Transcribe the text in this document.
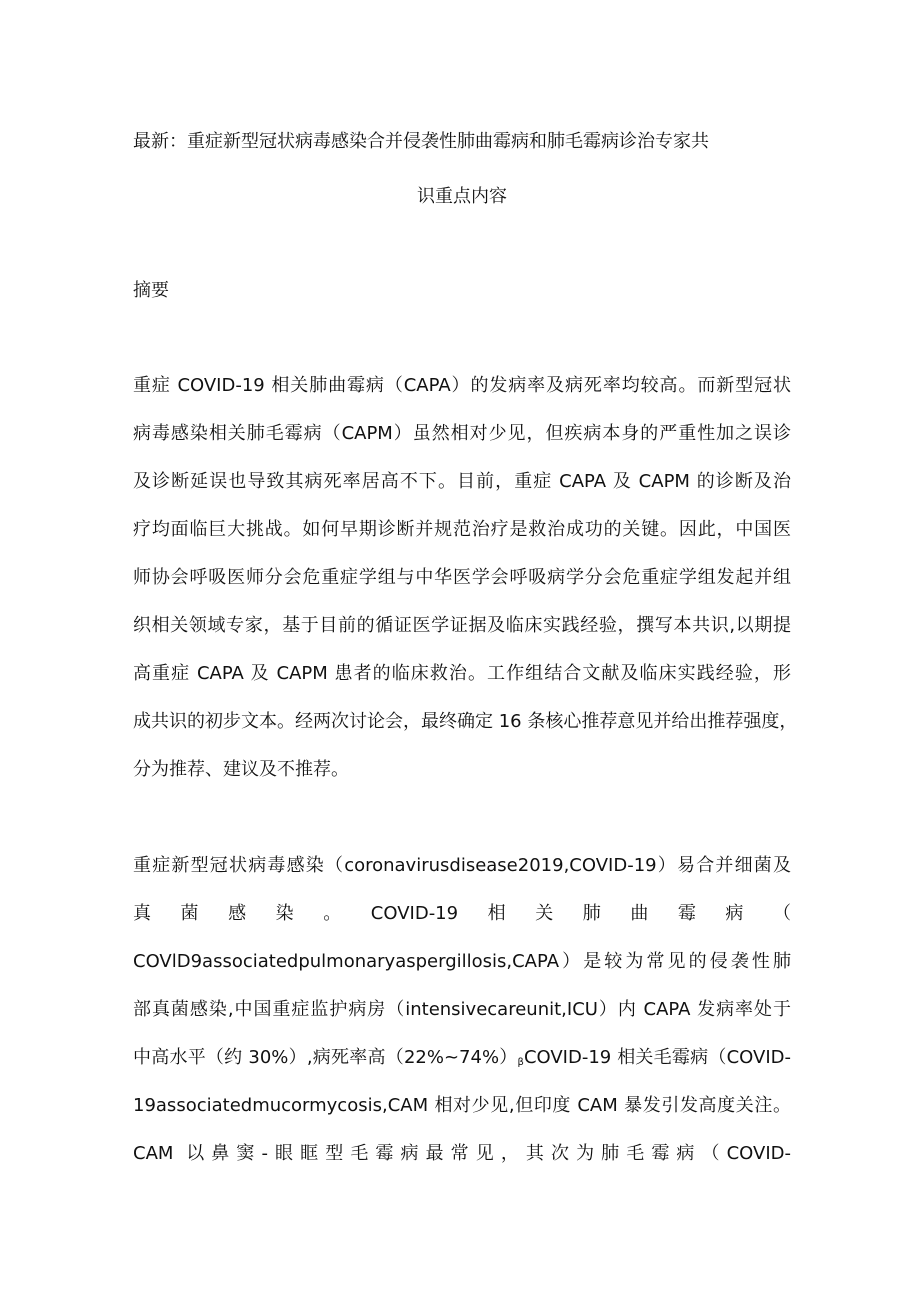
最新：重症新型冠状病毒感染合并侵袭性肺曲霉病和肺毛霉病诊治专家共
识重点内容
摘要
重症 COVID-19 相关肺曲霉病（CAPA）的发病率及病死率均较高。而新型冠状
病毒感染相关肺毛霉病（CAPM）虽然相对少见，但疾病本身的严重性加之误诊
及诊断延误也导致其病死率居高不下。目前，重症 CAPA 及 CAPM 的诊断及治
疗均面临巨大挑战。如何早期诊断并规范治疗是救治成功的关键。因此，中国医
师协会呼吸医师分会危重症学组与中华医学会呼吸病学分会危重症学组发起并组
织相关领域专家，基于目前的循证医学证据及临床实践经验，撰写本共识,以期提
高重症 CAPA 及 CAPM 患者的临床救治。工作组结合文献及临床实践经验，形
成共识的初步文本。经两次讨论会，最终确定 16 条核心推荐意见并给出推荐强度，
分为推荐、建议及不推荐。
重症新型冠状病毒感染（coronavirusdisease2019,COVID-19）易合并细菌及
真菌感染。COVID-19相关肺曲霉病（
COVlD9associatedpulmonaryaspergillosis,CAPA）是较为常见的侵袭性肺
部真菌感染,中国重症监护病房（intensivecareunit,ICU）内 CAPA 发病率处于
中高水平（约 30%）,病死率高$(22\%\sim 74\%)_\beta COVID-19$ 相关毛霉病（COVID-
19associatedmucormycosis,CAM 相对少见,但印度 CAM 暴发引发高度关注。
CAM 以鼻窦-眼眶型毛霉病最常见，其次为肺毛霉病（COVID-
